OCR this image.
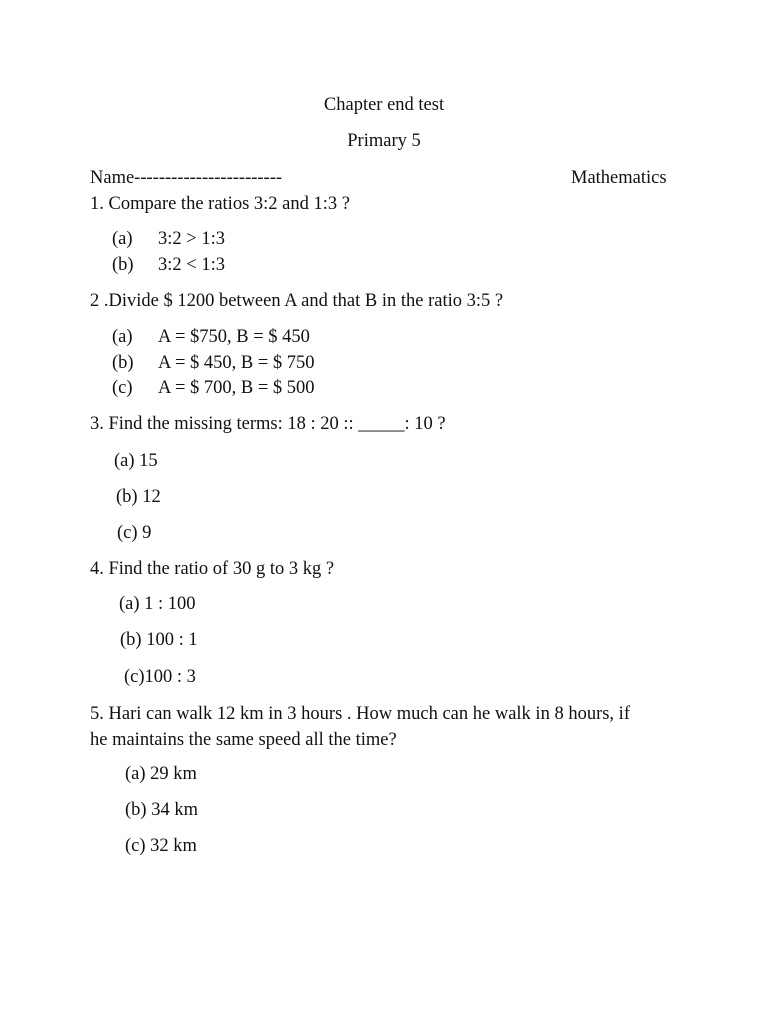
Chapter end test
Primary 5
Name------------------------	Mathematics
1. Compare the ratios 3:2 and 1:3 ?
(a) 3:2 > 1:3
(b) 3:2 < 1:3
2 .Divide $ 1200 between A and that B in the ratio 3:5 ?
(a) A = $750, B = $ 450
(b) A = $ 450, B = $ 750
(c) A = $ 700, B = $ 500
3. Find the missing terms: 18 : 20 :: _____: 10 ?
(a) 15
(b) 12
(c) 9
4. Find the ratio of 30 g to 3 kg ?
(a) 1 : 100
(b) 100 : 1
(c)100 : 3
5. Hari can walk 12 km in 3 hours . How much can he walk in 8 hours, if
he maintains the same speed all the time?
(a) 29 km
(b) 34 km
(c) 32 km
